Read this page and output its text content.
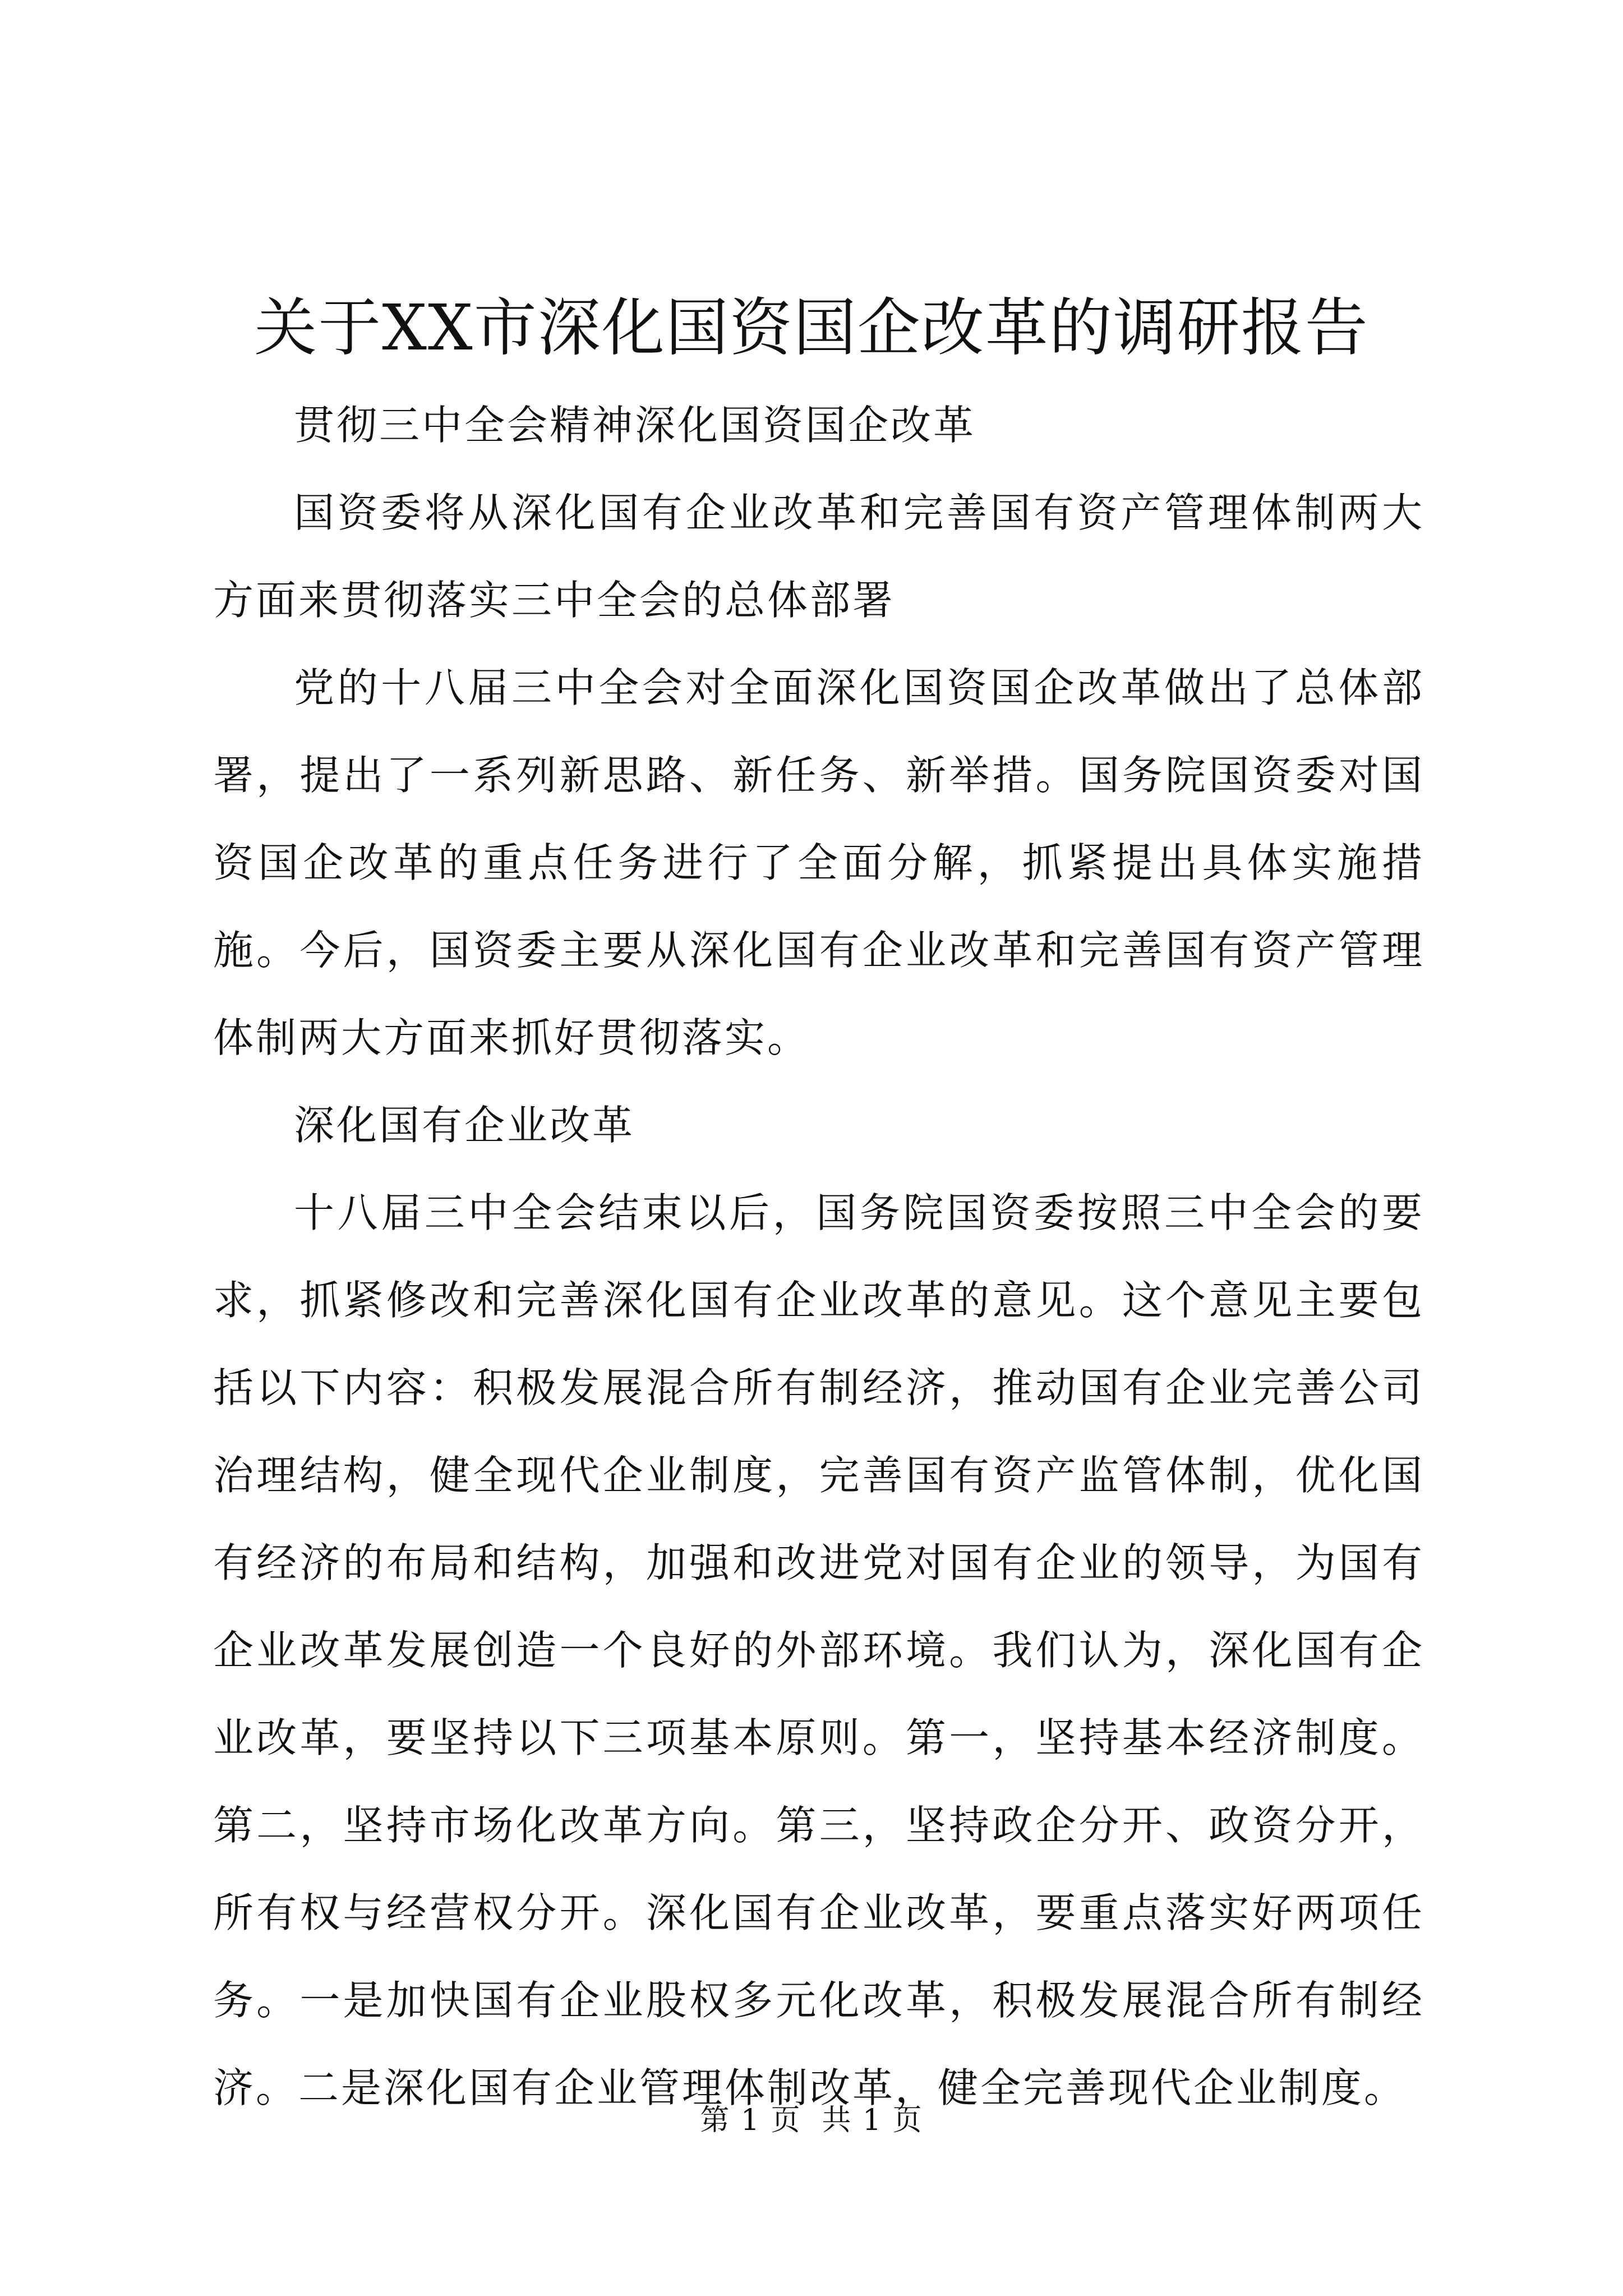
关于XX市深化国资国企改革的调研报告

贯彻三中全会精神深化国资国企改革

国资委将从深化国有企业改革和完善国有资产管理体制两大方面来贯彻落实三中全会的总体部署

党的十八届三中全会对全面深化国资国企改革做出了总体部署，提出了一系列新思路、新任务、新举措。国务院国资委对国资国企改革的重点任务进行了全面分解，抓紧提出具体实施措施。今后，国资委主要从深化国有企业改革和完善国有资产管理体制两大方面来抓好贯彻落实。

深化国有企业改革

十八届三中全会结束以后，国务院国资委按照三中全会的要求，抓紧修改和完善深化国有企业改革的意见。这个意见主要包括以下内容：积极发展混合所有制经济，推动国有企业完善公司治理结构，健全现代企业制度，完善国有资产监管体制，优化国有经济的布局和结构，加强和改进党对国有企业的领导，为国有企业改革发展创造一个良好的外部环境。我们认为，深化国有企业改革，要坚持以下三项基本原则。第一，坚持基本经济制度。第二，坚持市场化改革方向。第三，坚持政企分开、政资分开，所有权与经营权分开。深化国有企业改革，要重点落实好两项任务。一是加快国有企业股权多元化改革，积极发展混合所有制经济。二是深化国有企业管理体制改革，健全完善现代企业制度。

第 1 页  共 1 页
